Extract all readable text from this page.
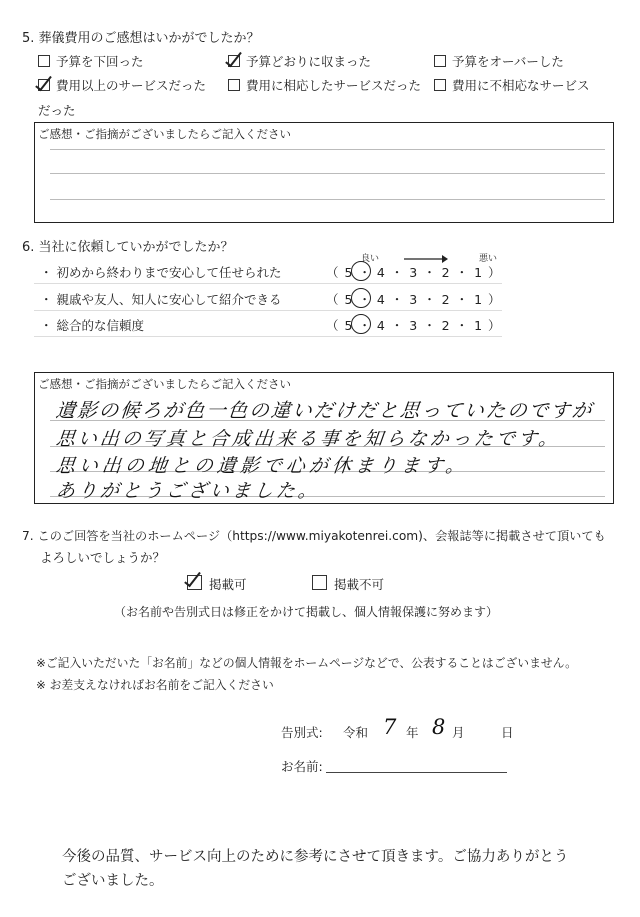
5. 葬儀費用のご感想はいかがでしたか？
予算を下回った	予算どおりに収まった	予算をオーバーした
費用以上のサービスだった	費用に相応したサービスだった 費用に不相応なサービス
だった
ご感想・ご指摘がございましたらご記入ください
6. 当社に依頼していかがでしたか？
良い	悪い
・ 初めから終わりまで安心して任せられた	（ 5 ・ 4 ・ 3 ・ 2 ・ 1 ）
・ 親戚や友人、知人に安心して紹介できる	（ 5 ・ 4 ・ 3 ・ 2 ・ 1 ）
・ 総合的な信頼度	（ 5 ・ 4 ・ 3 ・ 2 ・ 1 ）
ご感想・ご指摘がございましたらご記入ください
遺影の候ろが色一色の違いだけだと思っていたのですが
思い出の写真と合成出来る事を知らなかったです。
思い出の地との遺影で心が休まります。
ありがとうございました。
7. このご回答を当社のホームページ（https://www.miyakotenrei.com)、会報誌等に掲載させて頂いても
よろしいでしょうか？
掲載可	掲載不可
（お名前や告別式日は修正をかけて掲載し、個人情報保護に努めます）
※ご記入いただいた「お名前」などの個人情報をホームページなどで、公表することはございません。
※ お差支えなければお名前をご記入ください
告別式: 令和 7 年 8 月	日
お名前:
今後の品質、サービス向上のために参考にさせて頂きます。ご協力ありがとう
ございました。
